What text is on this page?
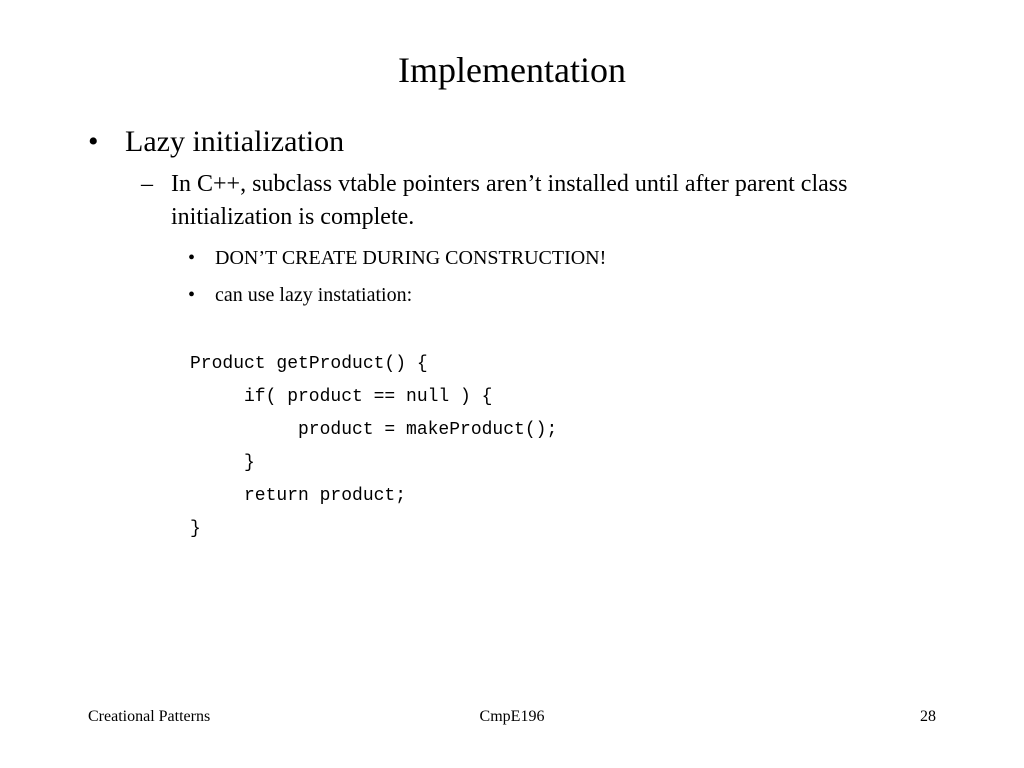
Implementation
• Lazy initialization
– In C++, subclass vtable pointers aren’t installed until after parent class initialization is complete.
• DON’T CREATE DURING CONSTRUCTION!
• can use lazy instatiation:
Product getProduct() {
if( product == null ) {
product = makeProduct();
}
return product;
}
Creational Patterns	CmpE196	28
